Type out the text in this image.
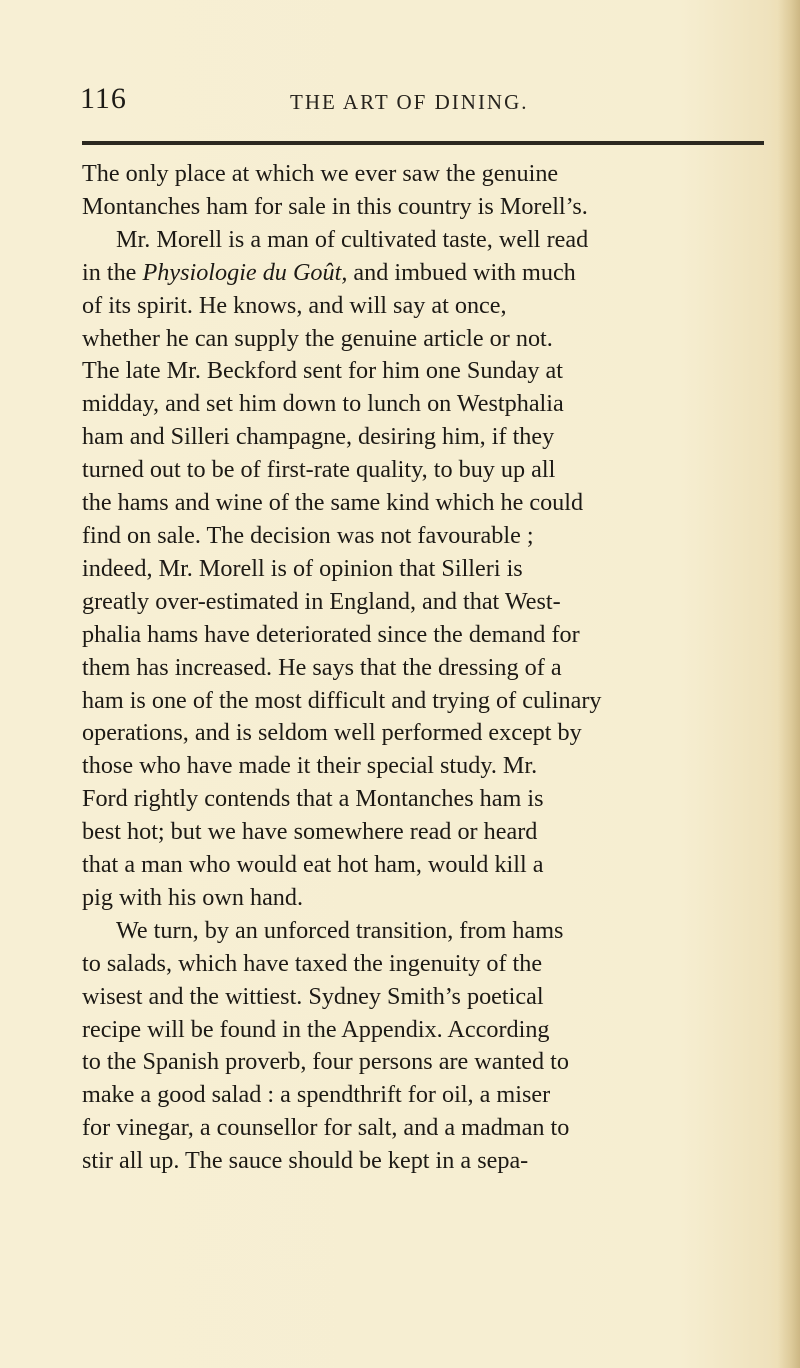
116	THE ART OF DINING.
The only place at which we ever saw the genuine
Montanches ham for sale in this country is Morell’s.
Mr. Morell is a man of cultivated taste, well read
in the Physiologie du Goût, and imbued with much
of its spirit. He knows, and will say at once,
whether he can supply the genuine article or not.
The late Mr. Beckford sent for him one Sunday at
midday, and set him down to lunch on Westphalia
ham and Silleri champagne, desiring him, if they
turned out to be of first-rate quality, to buy up all
the hams and wine of the same kind which he could
find on sale. The decision was not favourable ;
indeed, Mr. Morell is of opinion that Silleri is
greatly over-estimated in England, and that West-
phalia hams have deteriorated since the demand for
them has increased. He says that the dressing of a
ham is one of the most difficult and trying of culinary
operations, and is seldom well performed except by
those who have made it their special study. Mr.
Ford rightly contends that a Montanches ham is
best hot; but we have somewhere read or heard
that a man who would eat hot ham, would kill a
pig with his own hand.
We turn, by an unforced transition, from hams
to salads, which have taxed the ingenuity of the
wisest and the wittiest. Sydney Smith’s poetical
recipe will be found in the Appendix. According
to the Spanish proverb, four persons are wanted to
make a good salad : a spendthrift for oil, a miser
for vinegar, a counsellor for salt, and a madman to
stir all up. The sauce should be kept in a sepa-
